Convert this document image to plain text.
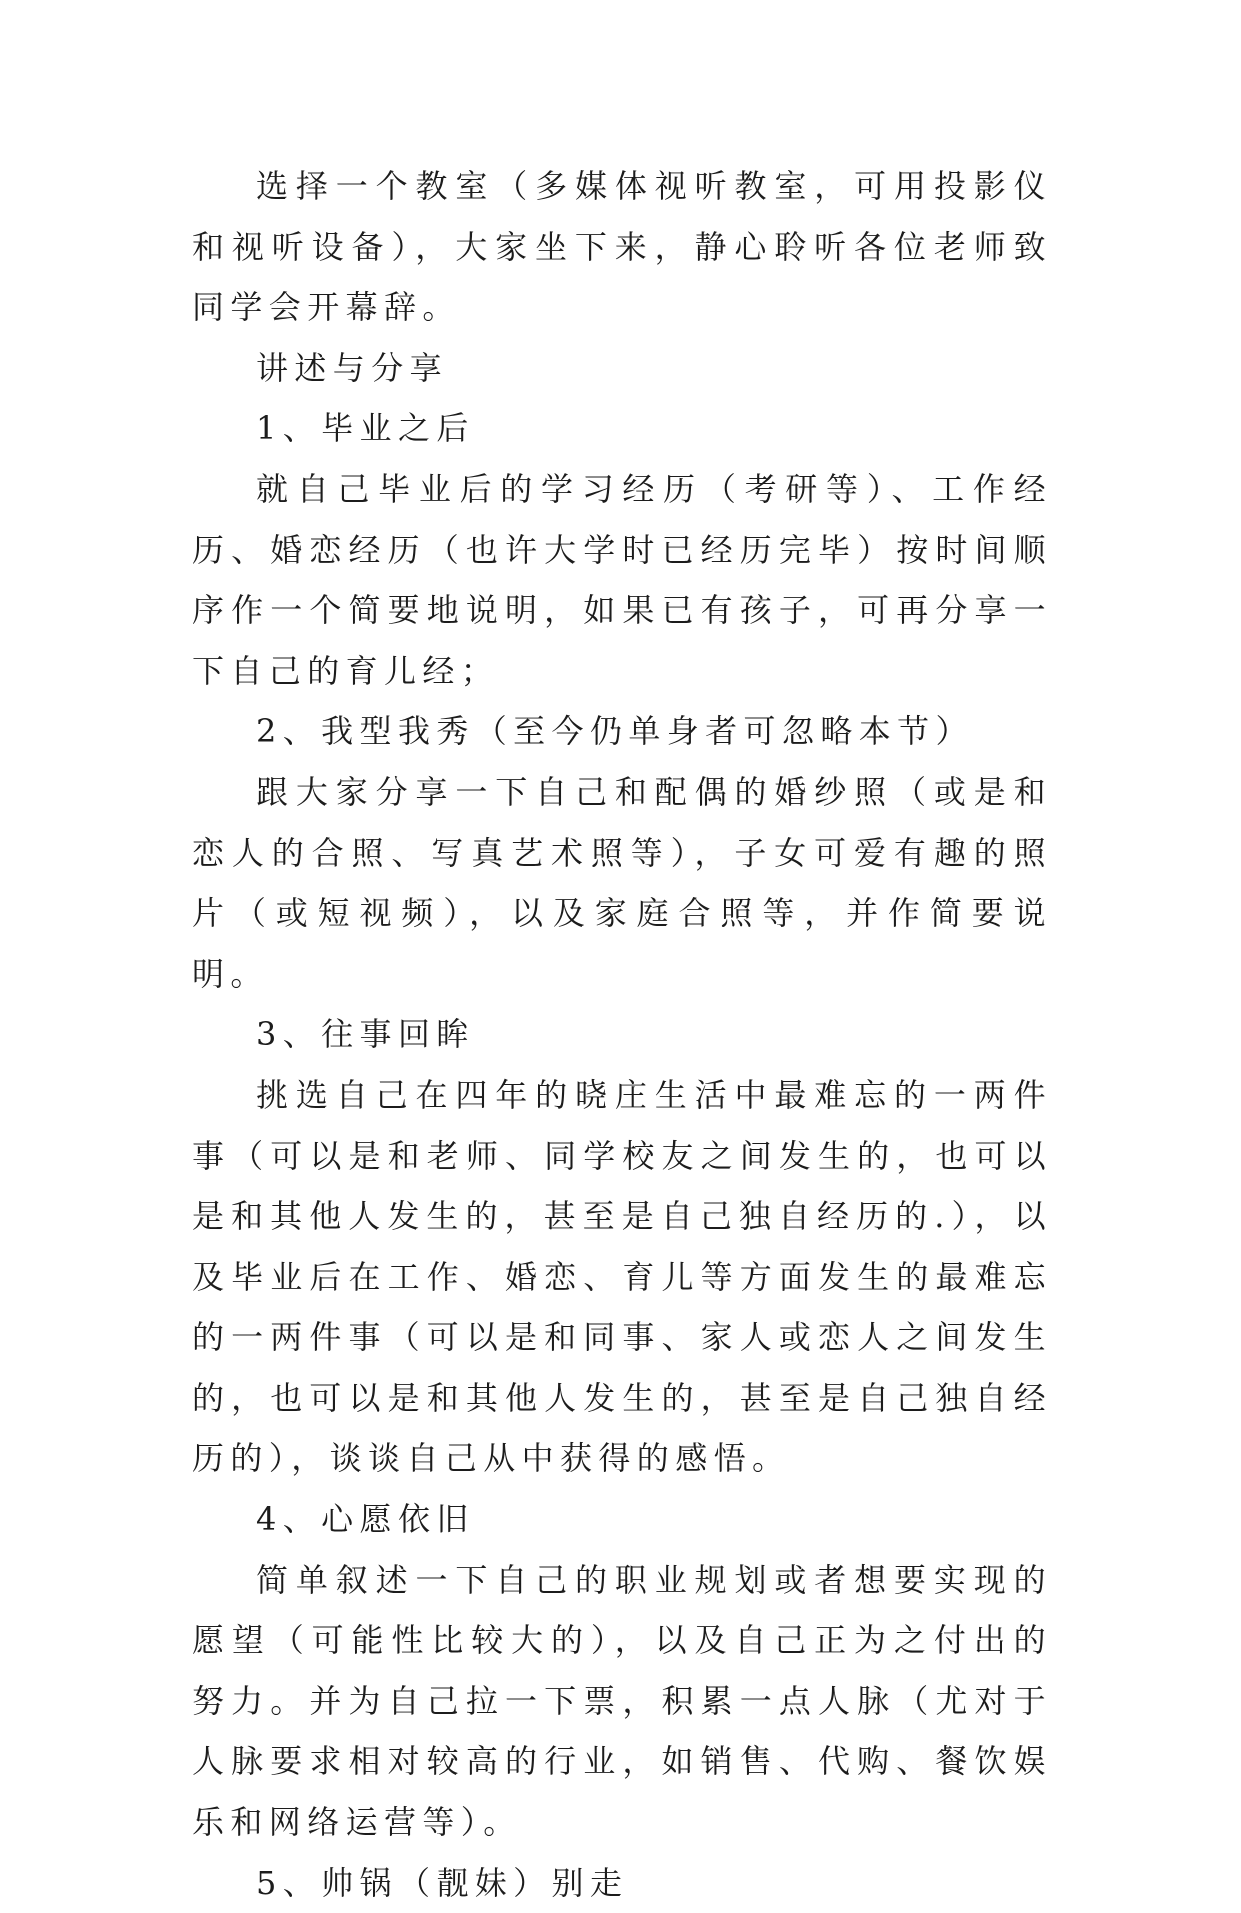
选择一个教室（多媒体视听教室，可用投影仪和视听设备），大家坐下来，静心聆听各位老师致同学会开幕辞。

讲述与分享

1、毕业之后

就自己毕业后的学习经历（考研等）、工作经历、婚恋经历（也许大学时已经历完毕）按时间顺序作一个简要地说明，如果已有孩子，可再分享一下自己的育儿经；

2、我型我秀（至今仍单身者可忽略本节）

跟大家分享一下自己和配偶的婚纱照（或是和恋人的合照、写真艺术照等），子女可爱有趣的照片（或短视频），以及家庭合照等，并作简要说明。

3、往事回眸

挑选自己在四年的晓庄生活中最难忘的一两件事（可以是和老师、同学校友之间发生的，也可以是和其他人发生的，甚至是自己独自经历的.），以及毕业后在工作、婚恋、育儿等方面发生的最难忘的一两件事（可以是和同事、家人或恋人之间发生的，也可以是和其他人发生的，甚至是自己独自经历的），谈谈自己从中获得的感悟。

4、心愿依旧

简单叙述一下自己的职业规划或者想要实现的愿望（可能性比较大的），以及自己正为之付出的努力。并为自己拉一下票，积累一点人脉（尤对于人脉要求相对较高的行业，如销售、代购、餐饮娱乐和网络运营等）。

5、帅锅（靓妹）别走
